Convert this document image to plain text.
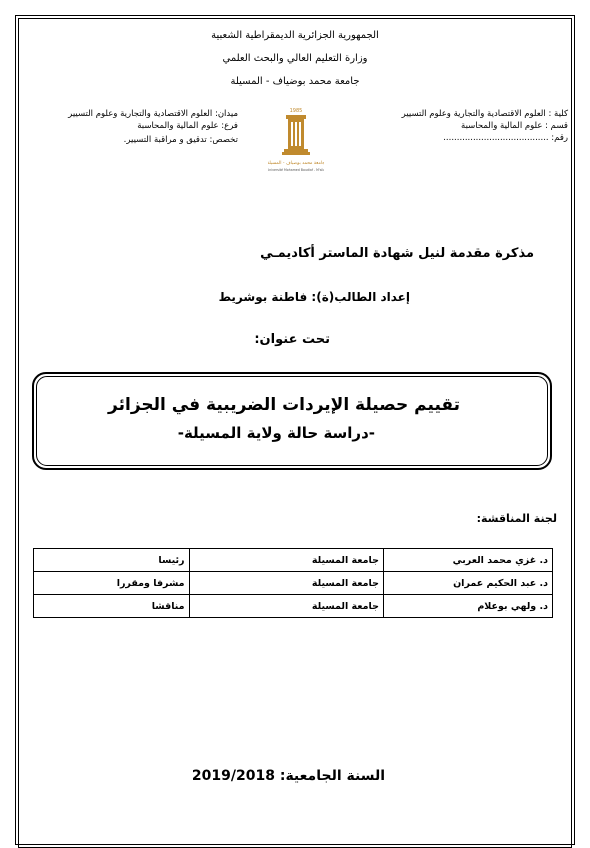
الجمهورية الجزائرية الديمقراطية الشعبية
وزارة التعليم العالي والبحث العلمي
جامعة محمد بوضياف - المسيلة
كلية : العلوم الاقتصادية والتجارية وعلوم التسيير
قسم : علوم المالية والمحاسبة
رقم: .......................................
ميدان: العلوم الاقتصادية والتجارية وعلوم التسيير
فرع: علوم المالية والمحاسبة
تخصص: تدقيق و مراقبة التسيير.
1985
جامعة محمد بوضياف - المسيلة
Université Mohamed Boudiaf - M'sila
مذكرة مقدمة لنيل شهادة الماستر أكاديمـي
إعداد الطالب(ة): فاطنة بوشريط
تحت عنوان:
تقييم حصيلة الإيردات الضريبية في الجزائر
-دراسة حالة ولاية المسيلة-
لجنة المناقشة:
د. غزي محمد العربي	جامعة المسيلة	رئيسا
د. عبد الحكيم عمران	جامعة المسيلة	مشرفا ومقررا
د. ولهي بوعلام	جامعة المسيلة	مناقشا
السنة الجامعية: 2019/2018
